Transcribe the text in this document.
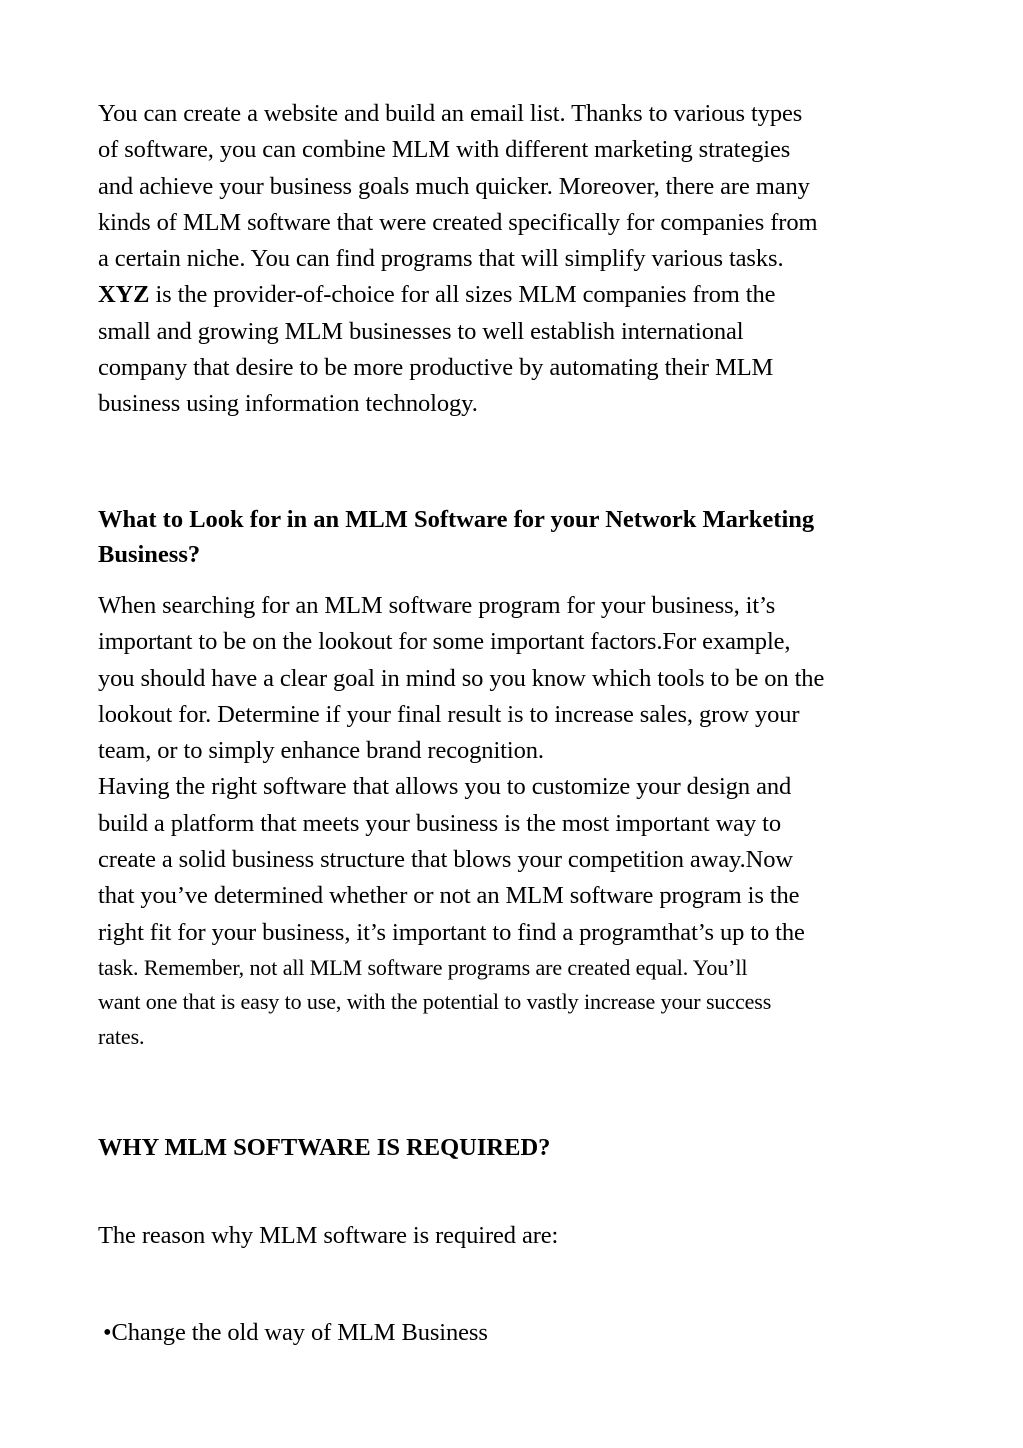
You can create a website and build an email list. Thanks to various types
of software, you can combine MLM with different marketing strategies
and achieve your business goals much quicker. Moreover, there are many
kinds of MLM software that were created specifically for companies from
a certain niche. You can find programs that will simplify various tasks.
XYZ is the provider-of-choice for all sizes MLM companies from the
small and growing MLM businesses to well establish international
company that desire to be more productive by automating their MLM
business using information technology.

What to Look for in an MLM Software for your Network Marketing
Business?

When searching for an MLM software program for your business, it’s
important to be on the lookout for some important factors.For example,
you should have a clear goal in mind so you know which tools to be on the
lookout for. Determine if your final result is to increase sales, grow your
team, or to simply enhance brand recognition.
Having the right software that allows you to customize your design and
build a platform that meets your business is the most important way to
create a solid business structure that blows your competition away.Now
that you’ve determined whether or not an MLM software program is the
right fit for your business, it’s important to find a programthat’s up to the
task. Remember, not all MLM software programs are created equal. You’ll
want one that is easy to use, with the potential to vastly increase your success
rates.

WHY MLM SOFTWARE IS REQUIRED?

The reason why MLM software is required are:

•Change the old way of MLM Business
